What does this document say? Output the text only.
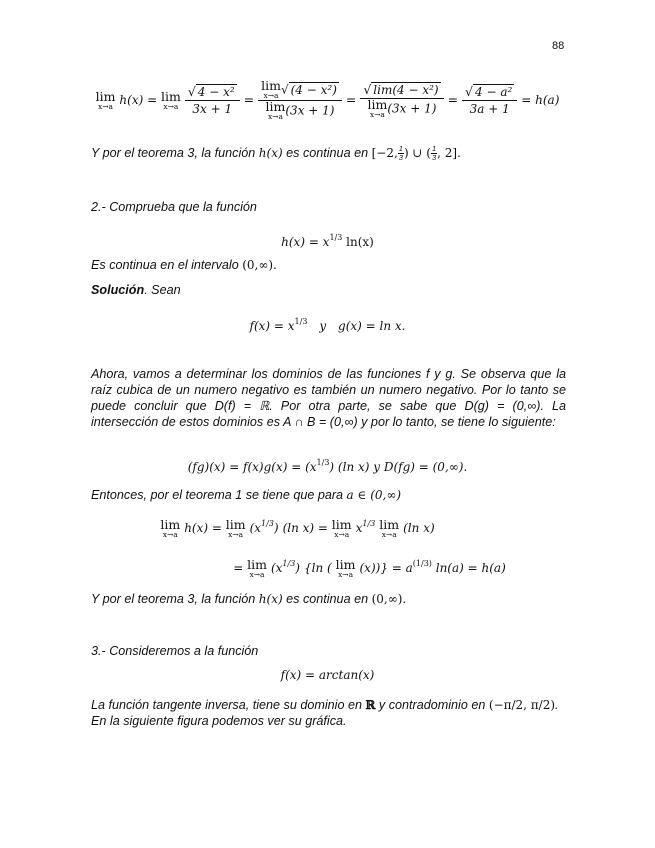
88
lim
x→a h(x) = lim
x→a
$\frac{\text{√ 4 − x²}}{3x + 1} = \lim$
x→a √ (4 − x²)
lim
x→a (3x + 1) = √ lim(4 − x²)
lim
x→a $(3x + 1) = \frac{\text{√ 4 − a²}}{3a + 1} = h(a)$
Y por el teorema 3, la función h(x) es continua en [−2, $\frac{1}{3}$) ∪ ( $\frac{1}{3}$, 2].
2.- Comprueba que la función
$h(x) = x^{1/3}$ ln(x)
Es continua en el intervalo (0,∞).
Solución. Sean
$f(x) = x^{1/3}$ y g(x) = ln x.
Ahora, vamos a determinar los dominios de las funciones f y g. Se observa que la raíz cubica de un numero negativo es también un numero negativo. Por lo tanto se puede concluir que D(f) = ℝ. Por otra parte, se sabe que D(g) = (0,∞). La intersección de estos dominios es A ∩ B = (0,∞) y por lo tanto, se tiene lo siguiente:
$(fg)(x) = f(x)g(x) = (x^{1/3})$ (ln x) y D(fg) = (0,∞).
Entonces, por el teorema 1 se tiene que para a ∈ (0,∞)
lim
x→a h(x) = lim
x→a $(x^{1/3})$ (ln x) = lim
x→a $x^{1/3}$ lim
x→a (ln x)
= lim
x→a $(x^{1/3})$ {ln ( lim
x→a $(x))\} = a^{(1/3)}$ ln(a) = h(a)
Y por el teorema 3, la función h(x) es continua en (0,∞).
3.- Consideremos a la función
f(x) = arctan(x)
La función tangente inversa, tiene su dominio en ℝ y contradominio en (−π/2, π/2). En la siguiente figura podemos ver su gráfica.
